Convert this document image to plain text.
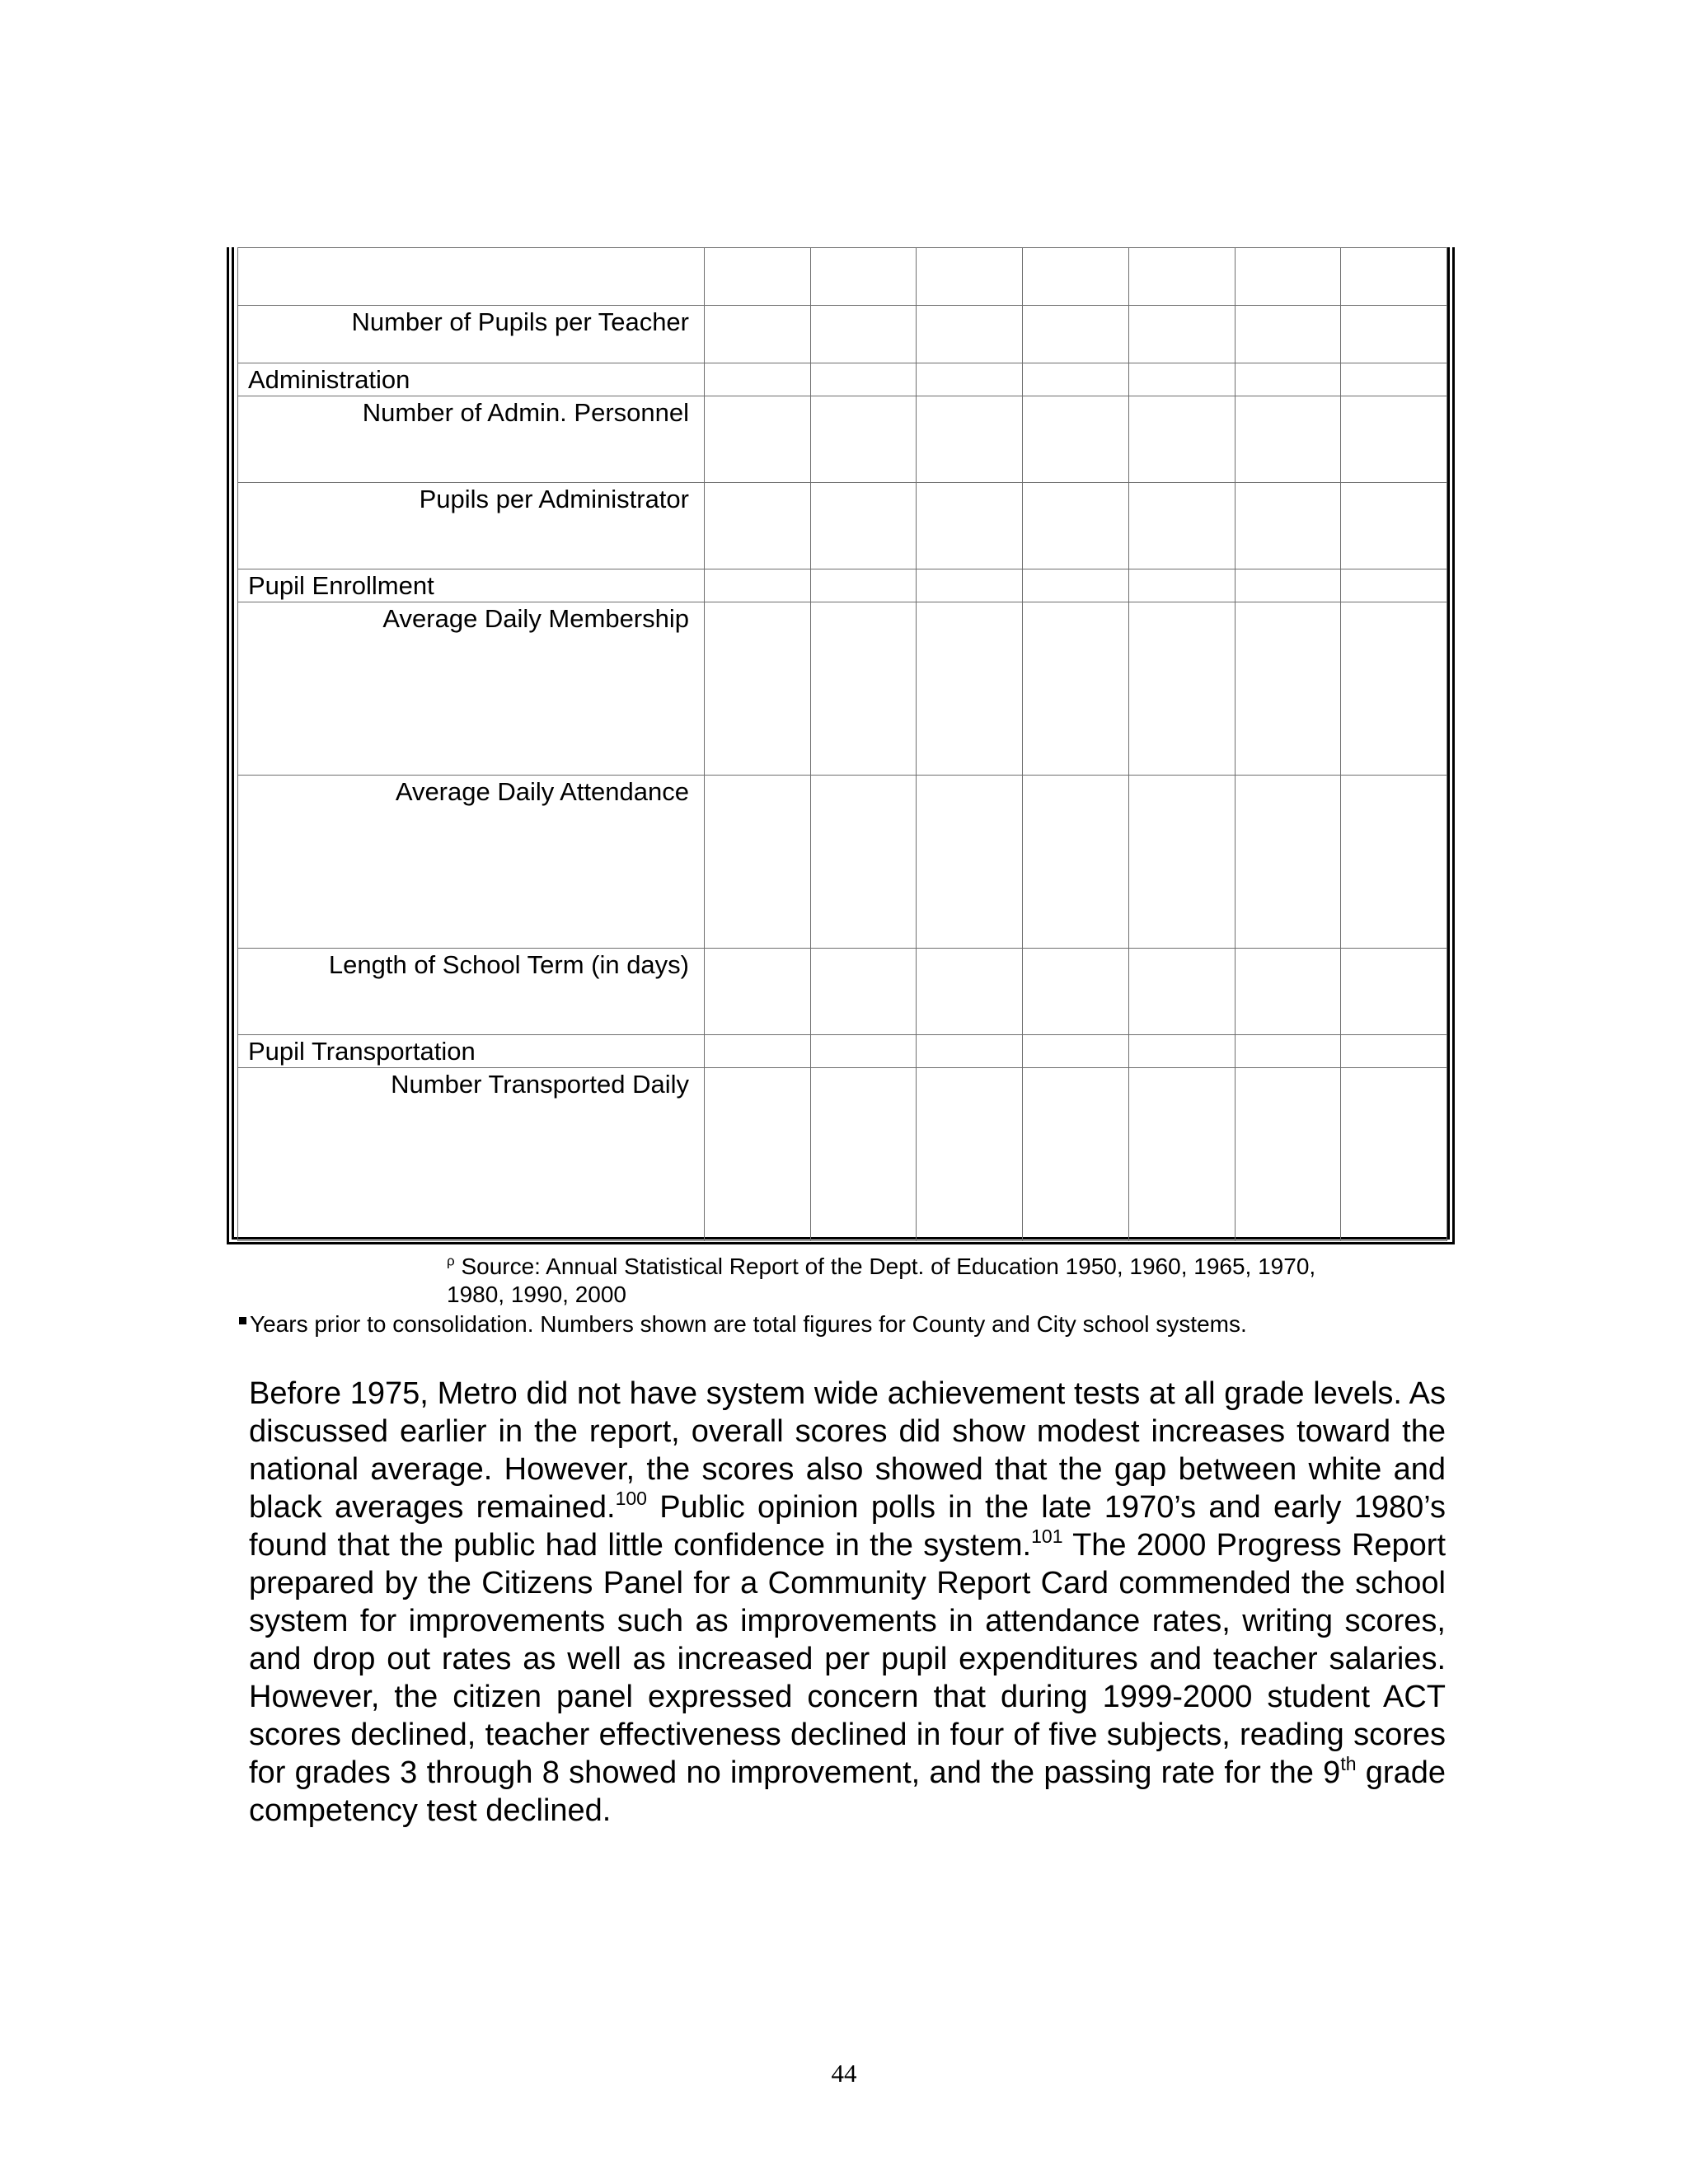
Number of Pupils per Teacher							
Administration							
Number of Admin. Personnel							
Pupils per Administrator							
Pupil Enrollment							
Average Daily Membership							
Average Daily Attendance							
Length of School Term (in days)							
Pupil Transportation							
Number Transported Daily							
$^\rho$ Source: Annual Statistical Report of the Dept. of Education 1950, 1960, 1965, 1970,
1980, 1990, 2000
Years prior to consolidation. Numbers shown are total figures for County and City school systems.
Before 1975, Metro did not have system wide achievement tests at all grade levels. As discussed earlier in the report, overall scores did show modest increases toward the national average. However, the scores also showed that the gap between white and black averages remained.$^{100}$ Public opinion polls in the late 1970’s and early 1980’s found that the public had little confidence in the system.$^{101}$ The 2000 Progress Report prepared by the Citizens Panel for a Community Report Card commended the school system for improvements such as improvements in attendance rates, writing scores, and drop out rates as well as increased per pupil expenditures and teacher salaries. However, the citizen panel expressed concern that during 1999-2000 student ACT scores declined, teacher effectiveness declined in four of five subjects, reading scores for grades 3 through 8 showed no improvement, and the passing rate for the 9th grade competency test declined.
44
